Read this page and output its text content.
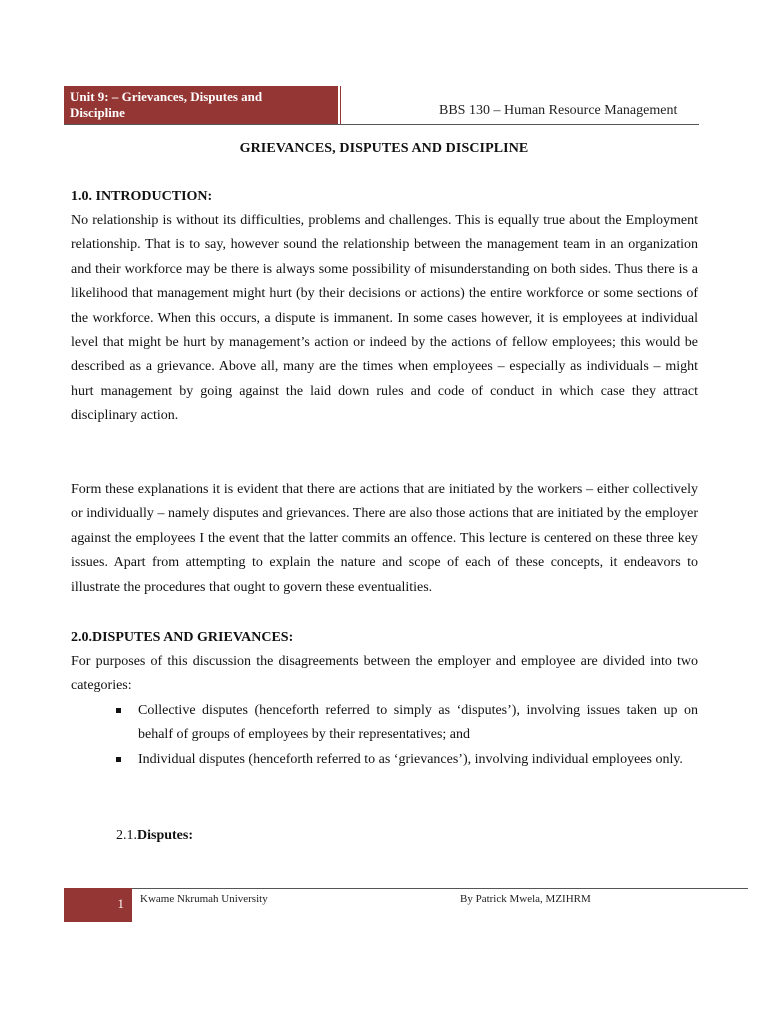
Unit 9: – Grievances, Disputes and
Discipline	BBS 130 – Human Resource Management
GRIEVANCES, DISPUTES AND DISCIPLINE
1.0. INTRODUCTION:
No relationship is without its difficulties, problems and challenges. This is equally true about the Employment relationship. That is to say, however sound the relationship between the management team in an organization and their workforce may be there is always some possibility of misunderstanding on both sides. Thus there is a likelihood that management might hurt (by their decisions or actions) the entire workforce or some sections of the workforce. When this occurs, a dispute is immanent. In some cases however, it is employees at individual level that might be hurt by management’s action or indeed by the actions of fellow employees; this would be described as a grievance. Above all, many are the times when employees – especially as individuals – might hurt management by going against the laid down rules and code of conduct in which case they attract disciplinary action.
Form these explanations it is evident that there are actions that are initiated by the workers – either collectively or individually – namely disputes and grievances. There are also those actions that are initiated by the employer against the employees I the event that the latter commits an offence. This lecture is centered on these three key issues. Apart from attempting to explain the nature and scope of each of these concepts, it endeavors to illustrate the procedures that ought to govern these eventualities.
2.0.DISPUTES AND GRIEVANCES:
For purposes of this discussion the disagreements between the employer and employee are divided into two categories:
Collective disputes (henceforth referred to simply as ‘disputes’), involving issues taken up on behalf of groups of employees by their representatives; and
Individual disputes (henceforth referred to as ‘grievances’), involving individual employees only.
2.1.Disputes:
1 Kwame Nkrumah University	By Patrick Mwela, MZIHRM
